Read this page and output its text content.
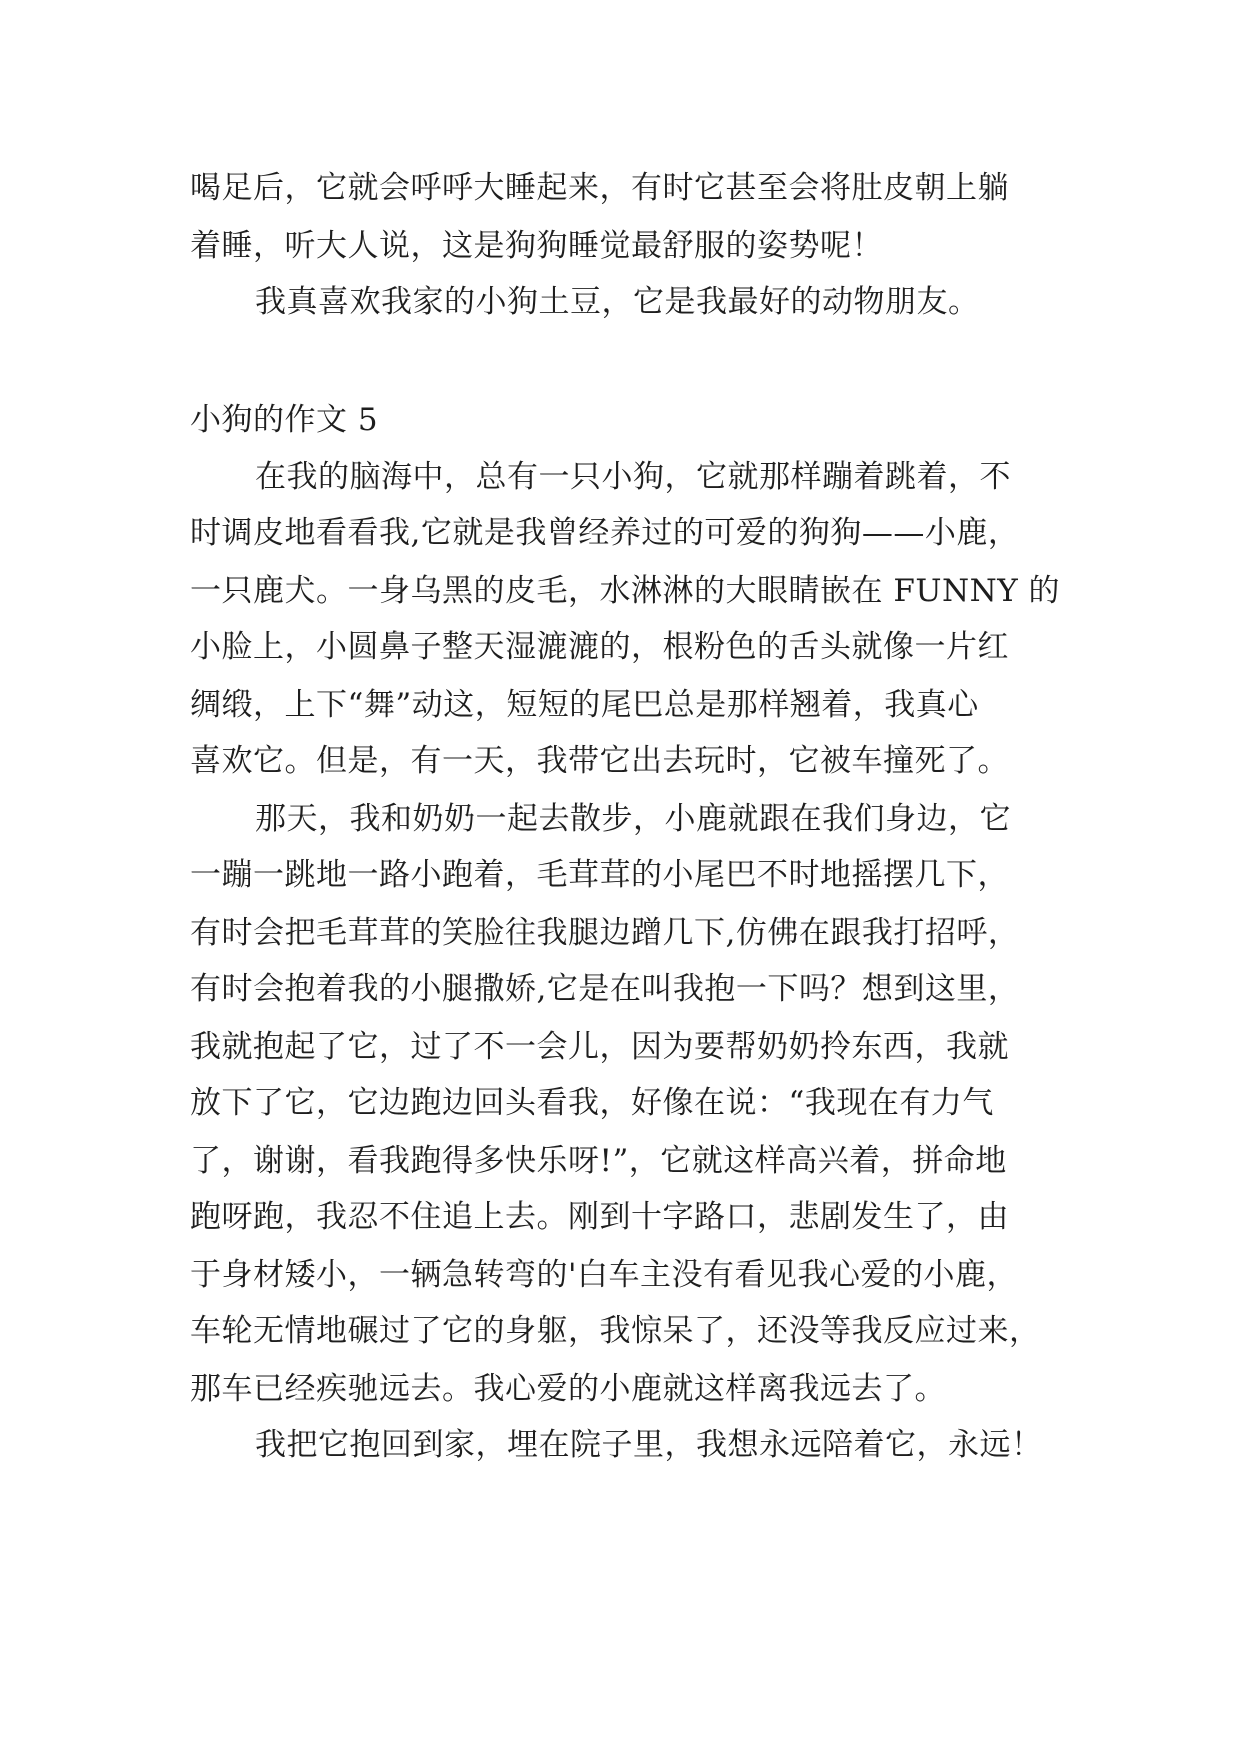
喝足后，它就会呼呼大睡起来，有时它甚至会将肚皮朝上躺
着睡，听大人说，这是狗狗睡觉最舒服的姿势呢！
我真喜欢我家的小狗土豆，它是我最好的动物朋友。
小狗的作文 5
在我的脑海中，总有一只小狗，它就那样蹦着跳着，不
时调皮地看看我,它就是我曾经养过的可爱的狗狗——小鹿，
一只鹿犬。一身乌黑的皮毛，水淋淋的大眼睛嵌在 FUNNY 的
小脸上，小圆鼻子整天湿漉漉的，根粉色的舌头就像一片红
绸缎，上下“舞”动这，短短的尾巴总是那样翘着，我真心
喜欢它。但是，有一天，我带它出去玩时，它被车撞死了。
那天，我和奶奶一起去散步，小鹿就跟在我们身边，它
一蹦一跳地一路小跑着，毛茸茸的小尾巴不时地摇摆几下，
有时会把毛茸茸的笑脸往我腿边蹭几下,仿佛在跟我打招呼，
有时会抱着我的小腿撒娇,它是在叫我抱一下吗？想到这里，
我就抱起了它，过了不一会儿，因为要帮奶奶拎东西，我就
放下了它，它边跑边回头看我，好像在说：“我现在有力气
了，谢谢，看我跑得多快乐呀!”，它就这样高兴着，拼命地
跑呀跑，我忍不住追上去。刚到十字路口，悲剧发生了，由
于身材矮小，一辆急转弯的'白车主没有看见我心爱的小鹿，
车轮无情地碾过了它的身躯，我惊呆了，还没等我反应过来，
那车已经疾驰远去。我心爱的小鹿就这样离我远去了。
我把它抱回到家，埋在院子里，我想永远陪着它，永远！
